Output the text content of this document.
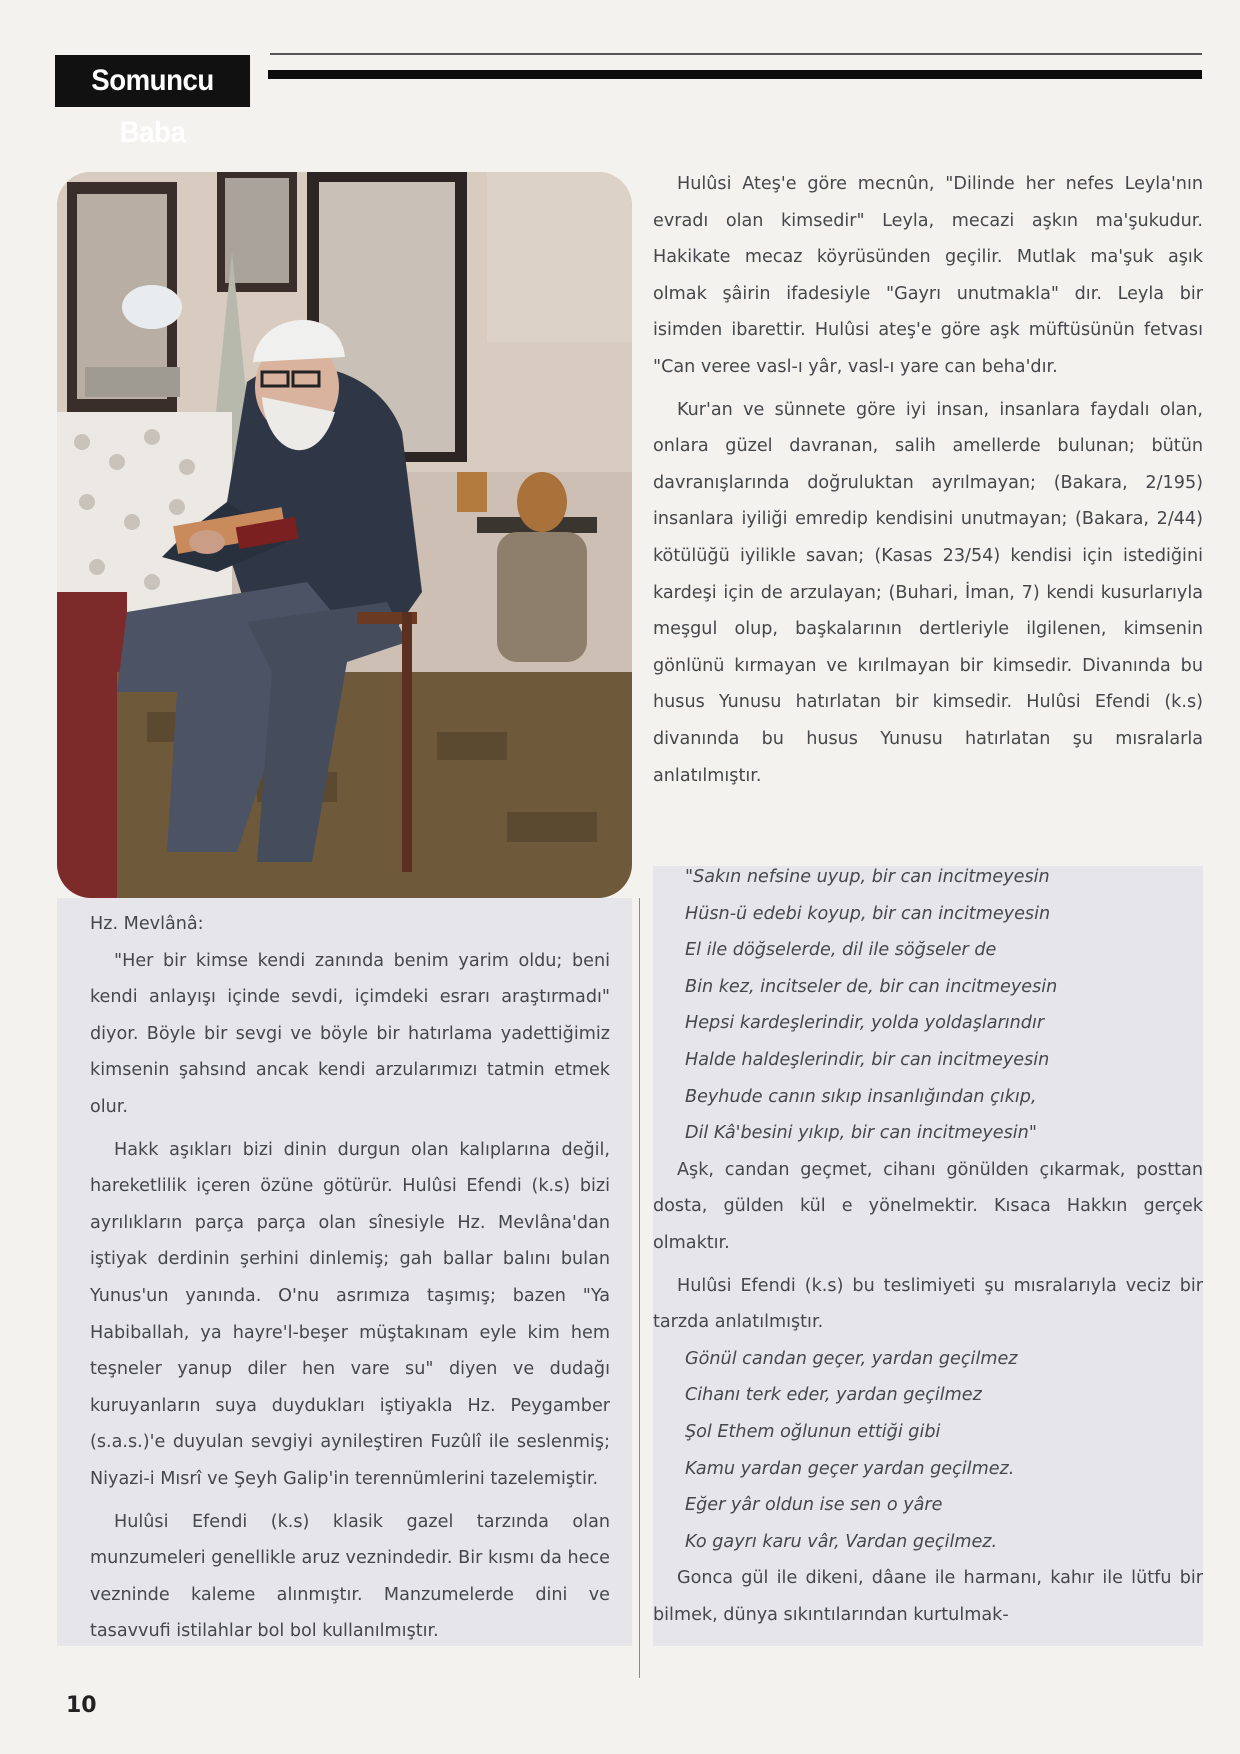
Somuncu Baba

Hz. Mevlânâ:

"Her bir kimse kendi zanında benim yarim oldu; beni kendi anlayışı içinde sevdi, içimdeki esrarı araştırmadı" diyor. Böyle bir sevgi ve böyle bir hatırlama yadettiğimiz kimsenin şahsınd ancak kendi arzularımızı tatmin etmek olur.

Hakk aşıkları bizi dinin durgun olan kalıplarına değil, hareketlilik içeren özüne götürür. Hulûsi Efendi (k.s) bizi ayrılıkların parça parça olan sînesiyle Hz. Mevlâna'dan iştiyak derdinin şerhini dinlemiş; gah ballar balını bulan Yunus'un yanında. O'nu asrımıza taşımış; bazen "Ya Habiballah, ya hayre'l-beşer müştakınam eyle kim hem teşneler yanup diler hen vare su" diyen ve dudağı kuruyanların suya duydukları iştiyakla Hz. Peygamber (s.a.s.)'e duyulan sevgiyi aynileştiren Fuzûlî ile seslenmiş; Niyazi-i Mısrî ve Şeyh Galip'in terennümlerini tazelemiştir.

Hulûsi Efendi (k.s) klasik gazel tarzında olan munzumeleri genellikle aruz veznindedir. Bir kısmı da hece vezninde kaleme alınmıştır. Manzumelerde dini ve tasavvufi istilahlar bol bol kullanılmıştır.

Hulûsi Ateş'e göre mecnûn, "Dilinde her nefes Leyla'nın evradı olan kimsedir" Leyla, mecazi aşkın ma'şukudur. Hakikate mecaz köyrüsünden geçilir. Mutlak ma'şuk aşık olmak şâirin ifadesiyle "Gayrı unutmakla" dır. Leyla bir isimden ibarettir. Hulûsi ateş'e göre aşk müftüsünün fetvası "Can veree vasl-ı yâr, vasl-ı yare can beha'dır.

Kur'an ve sünnete göre iyi insan, insanlara faydalı olan, onlara güzel davranan, salih amellerde bulunan; bütün davranışlarında doğruluktan ayrılmayan; (Bakara, 2/195) insanlara iyiliği emredip kendisini unutmayan; (Bakara, 2/44) kötülüğü iyilikle savan; (Kasas 23/54) kendisi için istediğini kardeşi için de arzulayan; (Buhari, İman, 7) kendi kusurlarıyla meşgul olup, başkalarının dertleriyle ilgilenen, kimsenin gönlünü kırmayan ve kırılmayan bir kimsedir. Divanında bu husus Yunusu hatırlatan bir kimsedir. Hulûsi Efendi (k.s) divanında bu husus Yunusu hatırlatan şu mısralarla anlatılmıştır.

"Sakın nefsine uyup, bir can incitmeyesin
Hüsn-ü edebi koyup, bir can incitmeyesin
El ile döğselerde, dil ile söğseler de
Bin kez, incitseler de, bir can incitmeyesin
Hepsi kardeşlerindir, yolda yoldaşlarındır
Halde haldeşlerindir, bir can incitmeyesin
Beyhude canın sıkıp insanlığından çıkıp,
Dil Kâ'besini yıkıp, bir can incitmeyesin"

Aşk, candan geçmet, cihanı gönülden çıkarmak, posttan dosta, gülden kül e yönelmektir. Kısaca Hakkın gerçek olmaktır.

Hulûsi Efendi (k.s) bu teslimiyeti şu mısralarıyla veciz bir tarzda anlatılmıştır.

Gönül candan geçer, yardan geçilmez
Cihanı terk eder, yardan geçilmez
Şol Ethem oğlunun ettiği gibi
Kamu yardan geçer yardan geçilmez.
Eğer yâr oldun ise sen o yâre
Ko gayrı karu vâr, Vardan geçilmez.

Gonca gül ile dikeni, dâane ile harmanı, kahır ile lütfu bir bilmek, dünya sıkıntılarından kurtulmak-

10
